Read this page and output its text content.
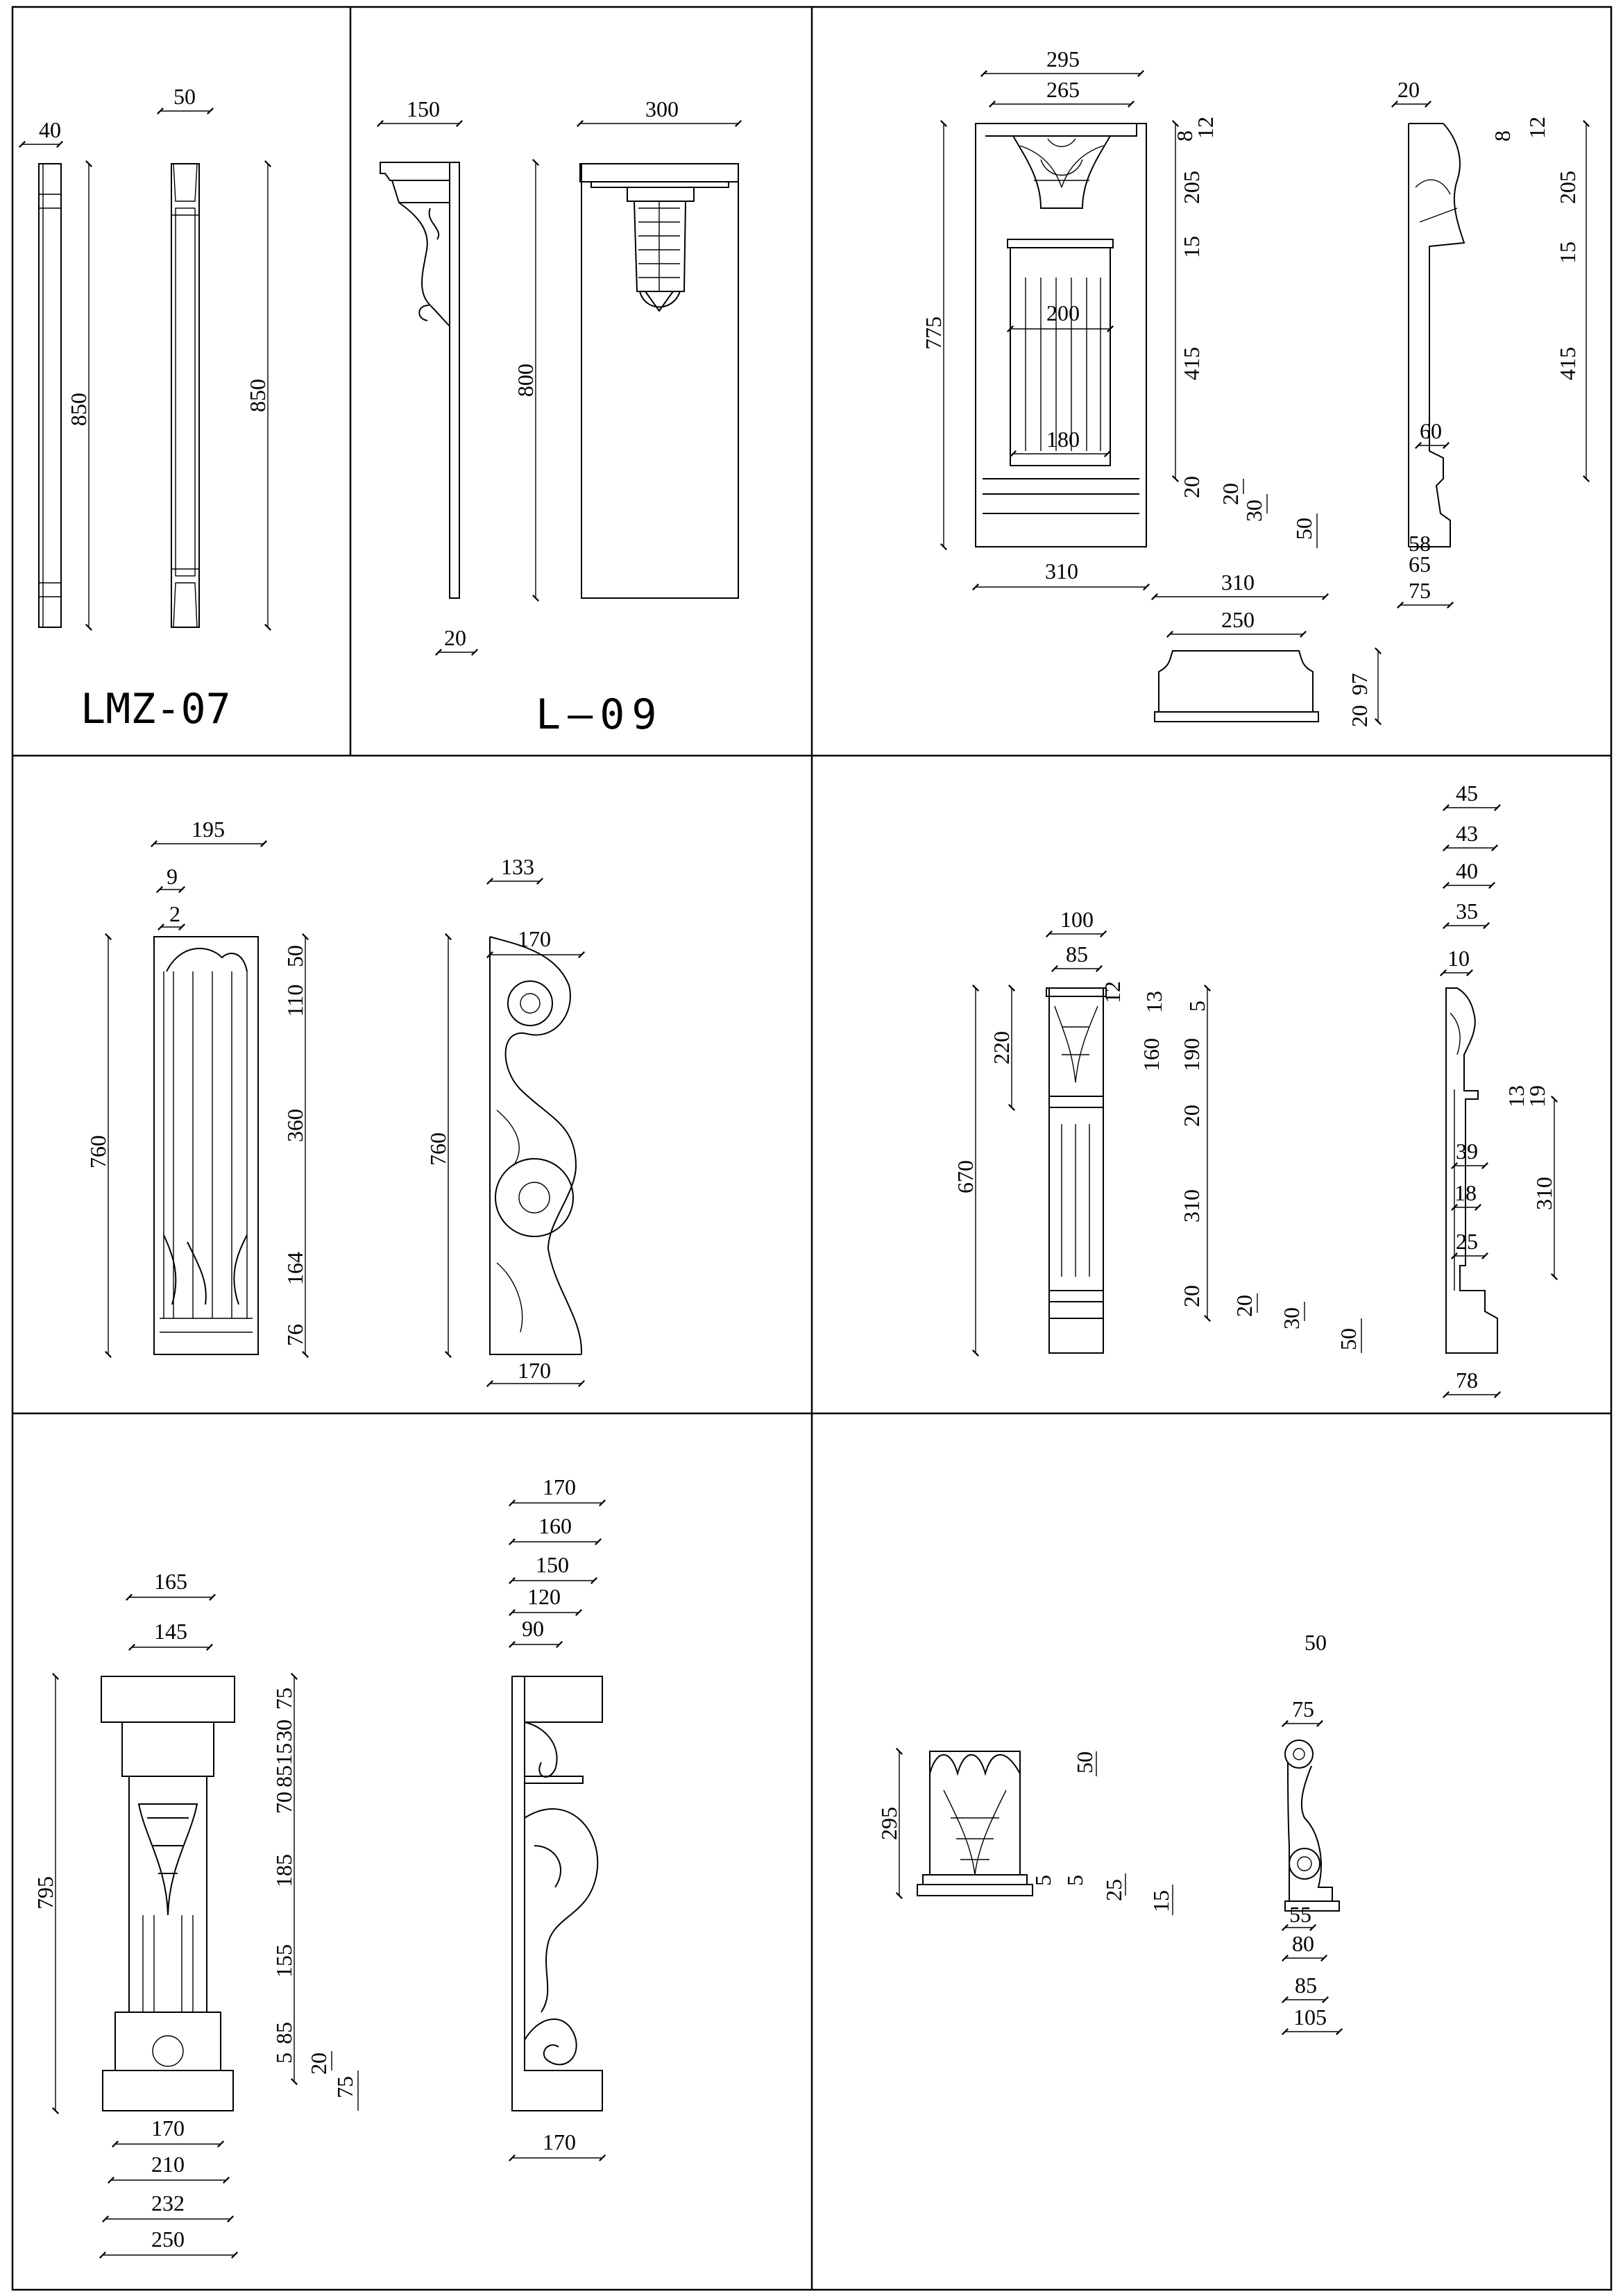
40
50
850	850
LMZ-07
150	300
800
20
L—09
295
265
775
200
180
310
8
12
205
15
415
20 20
30
50
20
8 12
205
15
415
60
58
65
75
310
250
20
97
195
9
2
760
50
110
360
164
76
133
170
760
170
100
85
670
220
12 13 5
160 190
20
310
20 20
30
50
45
43
40
35
10
13
19
39
18 310
25
78
165
145
795
75
30
15
85
70
185
155
5
85
20
75
170
210
232
250
170
160
150
120
90
170
295
50
5 5 25 15
50
75
55
80
85
105
